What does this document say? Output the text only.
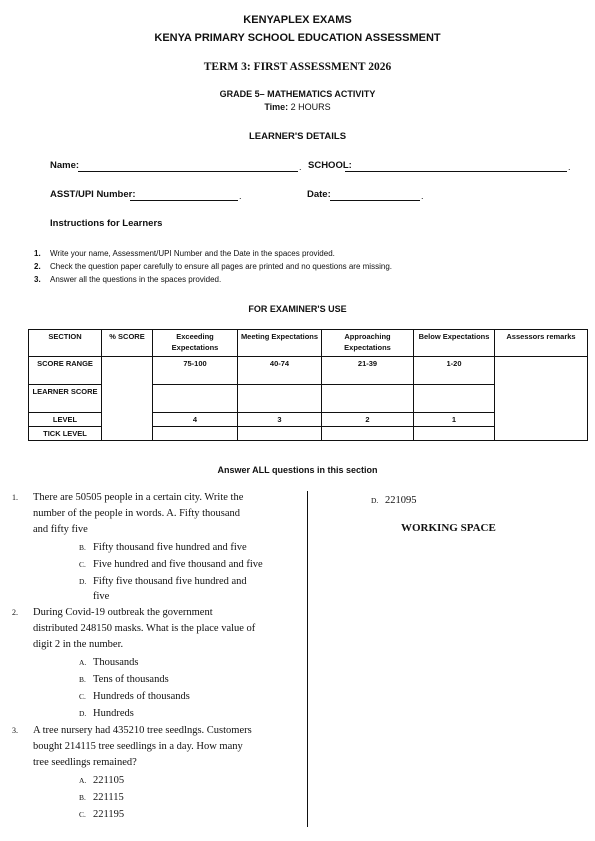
KENYAPLEX EXAMS
KENYA PRIMARY SCHOOL EDUCATION ASSESSMENT
TERM 3: FIRST ASSESSMENT 2026
GRADE 5– MATHEMATICS ACTIVITY
Time: 2 HOURS
LEARNER'S DETAILS
Name:	. SCHOOL:	.
ASST/UPI Number:	.	Date:	.
Instructions for Learners
1. Write your name, Assessment/UPI Number and the Date in the spaces provided.
2. Check the question paper carefully to ensure all pages are printed and no questions are missing.
3. Answer all the questions in the spaces provided.
FOR EXAMINER'S USE
SECTION	% SCORE	Exceeding Expectations	Meeting Expectations	Approaching Expectations	Below Expectations	Assessors remarks
SCORE RANGE		75-100	40-74	21-39	1-20	
LEARNER SCORE						
LEVEL		4	3	2	1	
TICK LEVEL						
Answer ALL questions in this section
1. There are 50505 people in a certain city. Write the
number of the people in words. A. Fifty thousand
and fifty five
B. Fifty thousand five hundred and five
C. Five hundred and five thousand and five
D. Fifty five thousand five hundred and
five
2. During Covid-19 outbreak the government
distributed 248150 masks. What is the place value of
digit 2 in the number.
A. Thousands
B. Tens of thousands
C. Hundreds of thousands
D. Hundreds
3. A tree nursery had 435210 tree seedlngs. Customers
bought 214115 tree seedlings in a day. How many
tree seedlings remained?
A. 221105
B. 221115
C. 221195
D. 221095
WORKING SPACE
